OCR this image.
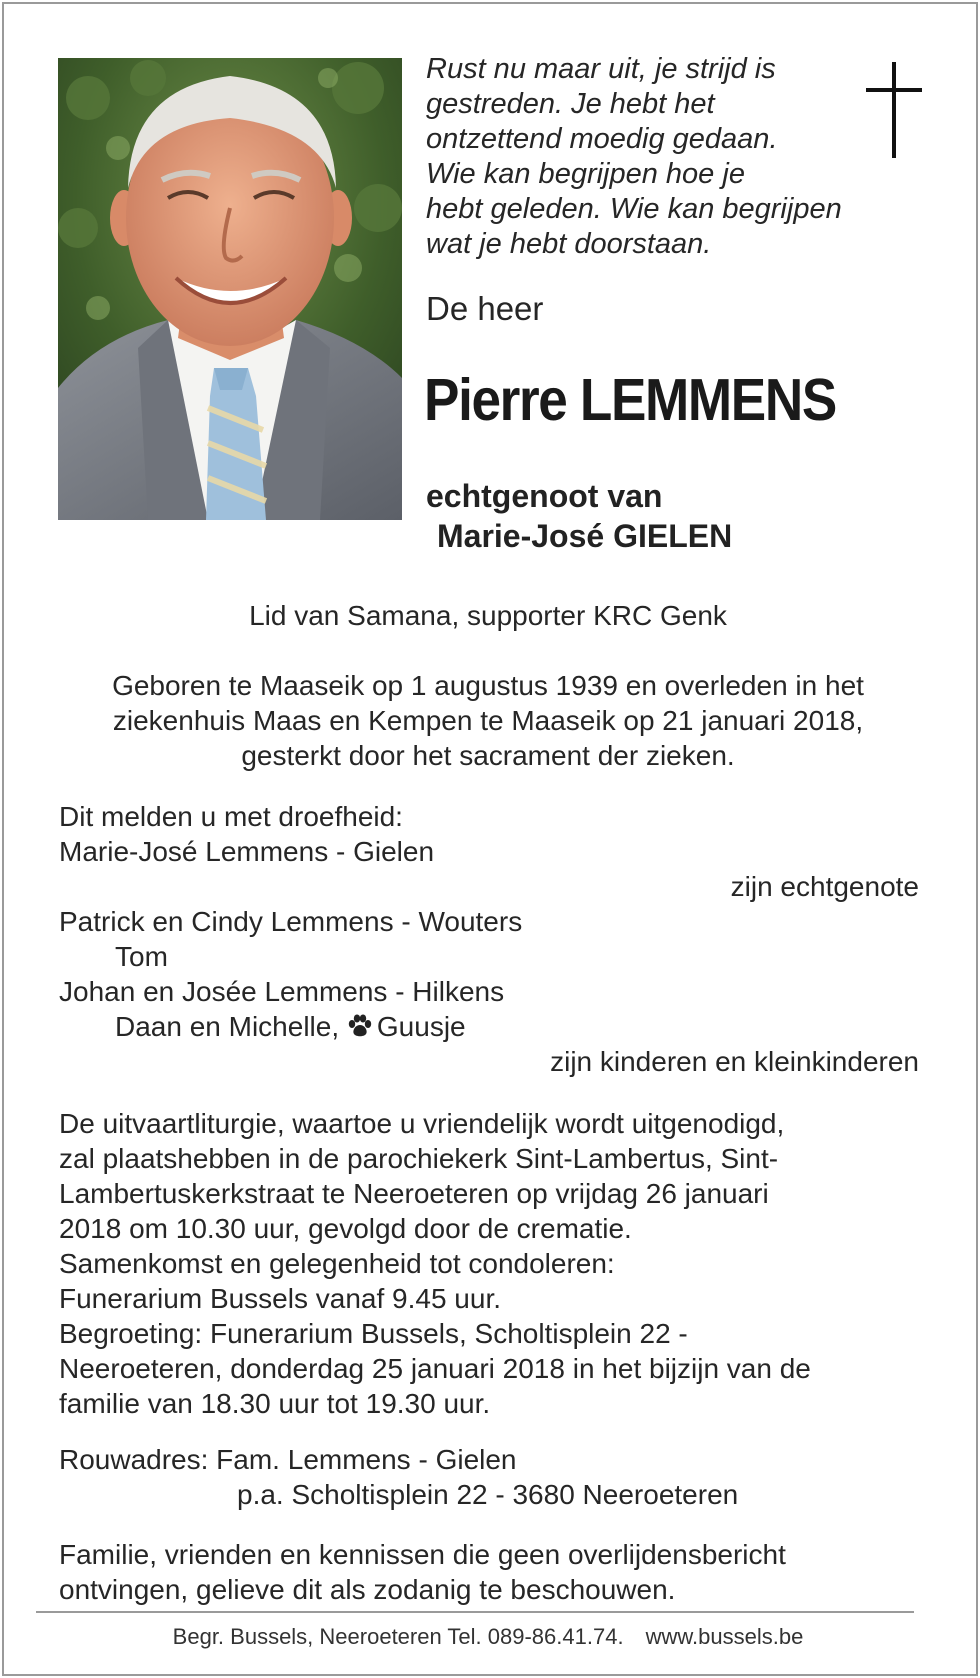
Rust nu maar uit, je strijd is
gestreden. Je hebt het
ontzettend moedig gedaan.
Wie kan begrijpen hoe je
hebt geleden. Wie kan begrijpen
wat je hebt doorstaan.
De heer
Pierre LEMMENS
echtgenoot van
Marie-José GIELEN
Lid van Samana, supporter KRC Genk
Geboren te Maaseik op 1 augustus 1939 en overleden in het
ziekenhuis Maas en Kempen te Maaseik op 21 januari 2018,
gesterkt door het sacrament der zieken.
Dit melden u met droefheid:
Marie-José Lemmens - Gielen
zijn echtgenote
Patrick en Cindy Lemmens - Wouters
Tom
Johan en Josée Lemmens - Hilkens
Daan en Michelle, Guusje
zijn kinderen en kleinkinderen
De uitvaartliturgie, waartoe u vriendelijk wordt uitgenodigd,
zal plaatshebben in de parochiekerk Sint-Lambertus, Sint-
Lambertuskerkstraat te Neeroeteren op vrijdag 26 januari
2018 om 10.30 uur, gevolgd door de crematie.
Samenkomst en gelegenheid tot condoleren:
Funerarium Bussels vanaf 9.45 uur.
Begroeting: Funerarium Bussels, Scholtisplein 22 -
Neeroeteren, donderdag 25 januari 2018 in het bijzijn van de
familie van 18.30 uur tot 19.30 uur.
Rouwadres: Fam. Lemmens - Gielen
p.a. Scholtisplein 22 - 3680 Neeroeteren
Familie, vrienden en kennissen die geen overlijdensbericht
ontvingen, gelieve dit als zodanig te beschouwen.
Begr. Bussels, Neeroeteren Tel. 089-86.41.74. www.bussels.be
